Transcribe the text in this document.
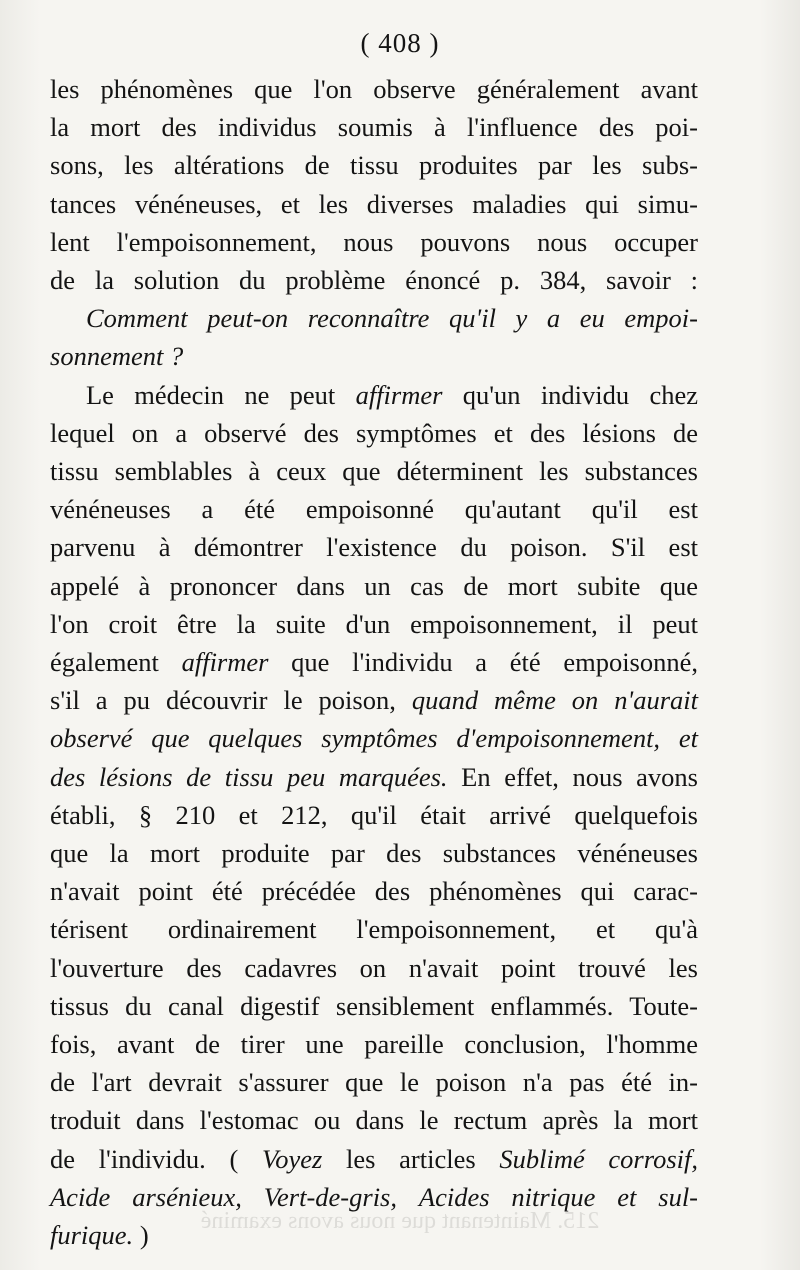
( 408 )

les phénomènes que l'on observe généralement avant
la mort des individus soumis à l'influence des poi-
sons, les altérations de tissu produites par les subs-
tances vénéneuses, et les diverses maladies qui simu-
lent l'empoisonnement, nous pouvons nous occuper
de la solution du problème énoncé p. 384, savoir :

Comment peut-on reconnaître qu'il y a eu empoi-
sonnement ?

Le médecin ne peut affirmer qu'un individu chez
lequel on a observé des symptômes et des lésions de
tissu semblables à ceux que déterminent les substances
vénéneuses a été empoisonné qu'autant qu'il est
parvenu à démontrer l'existence du poison. S'il est
appelé à prononcer dans un cas de mort subite que
l'on croit être la suite d'un empoisonnement, il peut
également affirmer que l'individu a été empoisonné,
s'il a pu découvrir le poison, quand même on n'aurait
observé que quelques symptômes d'empoisonnement, et
des lésions de tissu peu marquées. En effet, nous avons
établi, § 210 et 212, qu'il était arrivé quelquefois
que la mort produite par des substances vénéneuses
n'avait point été précédée des phénomènes qui carac-
térisent ordinairement l'empoisonnement, et qu'à
l'ouverture des cadavres on n'avait point trouvé les
tissus du canal digestif sensiblement enflammés. Toute-
fois, avant de tirer une pareille conclusion, l'homme
de l'art devrait s'assurer que le poison n'a pas été in-
troduit dans l'estomac ou dans le rectum après la mort
de l'individu. ( Voyez les articles Sublimé corrosif,
Acide arsénieux, Vert-de-gris, Acides nitrique et sul-
furique. )	215. Maintenant que nous avons examiné
